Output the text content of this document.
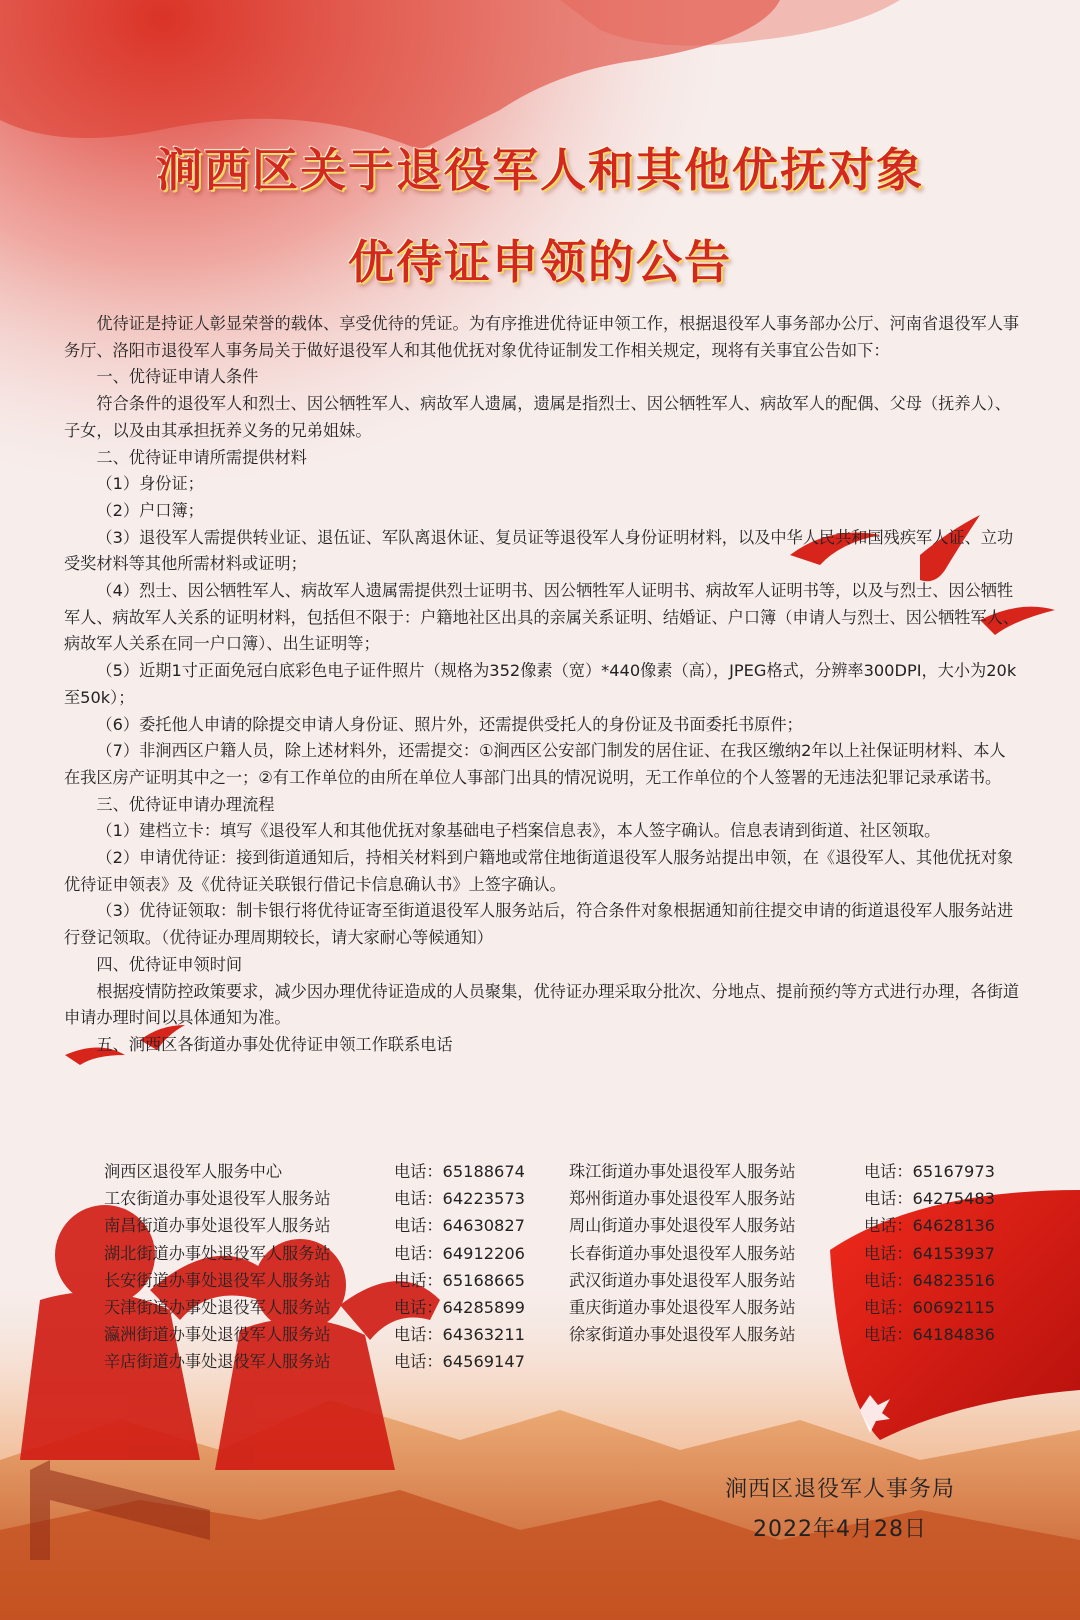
涧西区关于退役军人和其他优抚对象
优待证申领的公告

优待证是持证人彰显荣誉的载体、享受优待的凭证。为有序推进优待证申领工作，根据退役军人事务部办公厅、河南省退役军人事务厅、洛阳市退役军人事务局关于做好退役军人和其他优抚对象优待证制发工作相关规定，现将有关事宜公告如下：

一、优待证申请人条件

符合条件的退役军人和烈士、因公牺牲军人、病故军人遗属，遗属是指烈士、因公牺牲军人、病故军人的配偶、父母（抚养人）、子女，以及由其承担抚养义务的兄弟姐妹。

二、优待证申请所需提供材料

（1）身份证；

（2）户口簿；

（3）退役军人需提供转业证、退伍证、军队离退休证、复员证等退役军人身份证明材料，以及中华人民共和国残疾军人证、立功受奖材料等其他所需材料或证明；

（4）烈士、因公牺牲军人、病故军人遗属需提供烈士证明书、因公牺牲军人证明书、病故军人证明书等，以及与烈士、因公牺牲军人、病故军人关系的证明材料，包括但不限于：户籍地社区出具的亲属关系证明、结婚证、户口簿（申请人与烈士、因公牺牲军人、病故军人关系在同一户口簿）、出生证明等；

（5）近期1寸正面免冠白底彩色电子证件照片（规格为352像素（宽）*440像素（高），JPEG格式，分辨率300DPI，大小为20k至50k）；

（6）委托他人申请的除提交申请人身份证、照片外，还需提供受托人的身份证及书面委托书原件；

（7）非涧西区户籍人员，除上述材料外，还需提交：①涧西区公安部门制发的居住证、在我区缴纳2年以上社保证明材料、本人在我区房产证明其中之一；②有工作单位的由所在单位人事部门出具的情况说明，无工作单位的个人签署的无违法犯罪记录承诺书。

三、优待证申请办理流程

（1）建档立卡：填写《退役军人和其他优抚对象基础电子档案信息表》，本人签字确认。信息表请到街道、社区领取。

（2）申请优待证：接到街道通知后，持相关材料到户籍地或常住地街道退役军人服务站提出申领，在《退役军人、其他优抚对象优待证申领表》及《优待证关联银行借记卡信息确认书》上签字确认。

（3）优待证领取：制卡银行将优待证寄至街道退役军人服务站后，符合条件对象根据通知前往提交申请的街道退役军人服务站进行登记领取。（优待证办理周期较长，请大家耐心等候通知）

四、优待证申领时间

根据疫情防控政策要求，减少因办理优待证造成的人员聚集，优待证办理采取分批次、分地点、提前预约等方式进行办理，各街道申请办理时间以具体通知为准。

五、涧西区各街道办事处优待证申领工作联系电话

涧西区退役军人服务中心	电话：65188674	珠江街道办事处退役军人服务站	电话：65167973
工农街道办事处退役军人服务站	电话：64223573	郑州街道办事处退役军人服务站	电话：64275483
南昌街道办事处退役军人服务站	电话：64630827	周山街道办事处退役军人服务站	电话：64628136
湖北街道办事处退役军人服务站	电话：64912206	长春街道办事处退役军人服务站	电话：64153937
长安街道办事处退役军人服务站	电话：65168665	武汉街道办事处退役军人服务站	电话：64823516
天津街道办事处退役军人服务站	电话：64285899	重庆街道办事处退役军人服务站	电话：60692115
瀛洲街道办事处退役军人服务站	电话：64363211	徐家街道办事处退役军人服务站	电话：64184836
辛店街道办事处退役军人服务站	电话：64569147
涧西区退役军人事务局
2022年4月28日
